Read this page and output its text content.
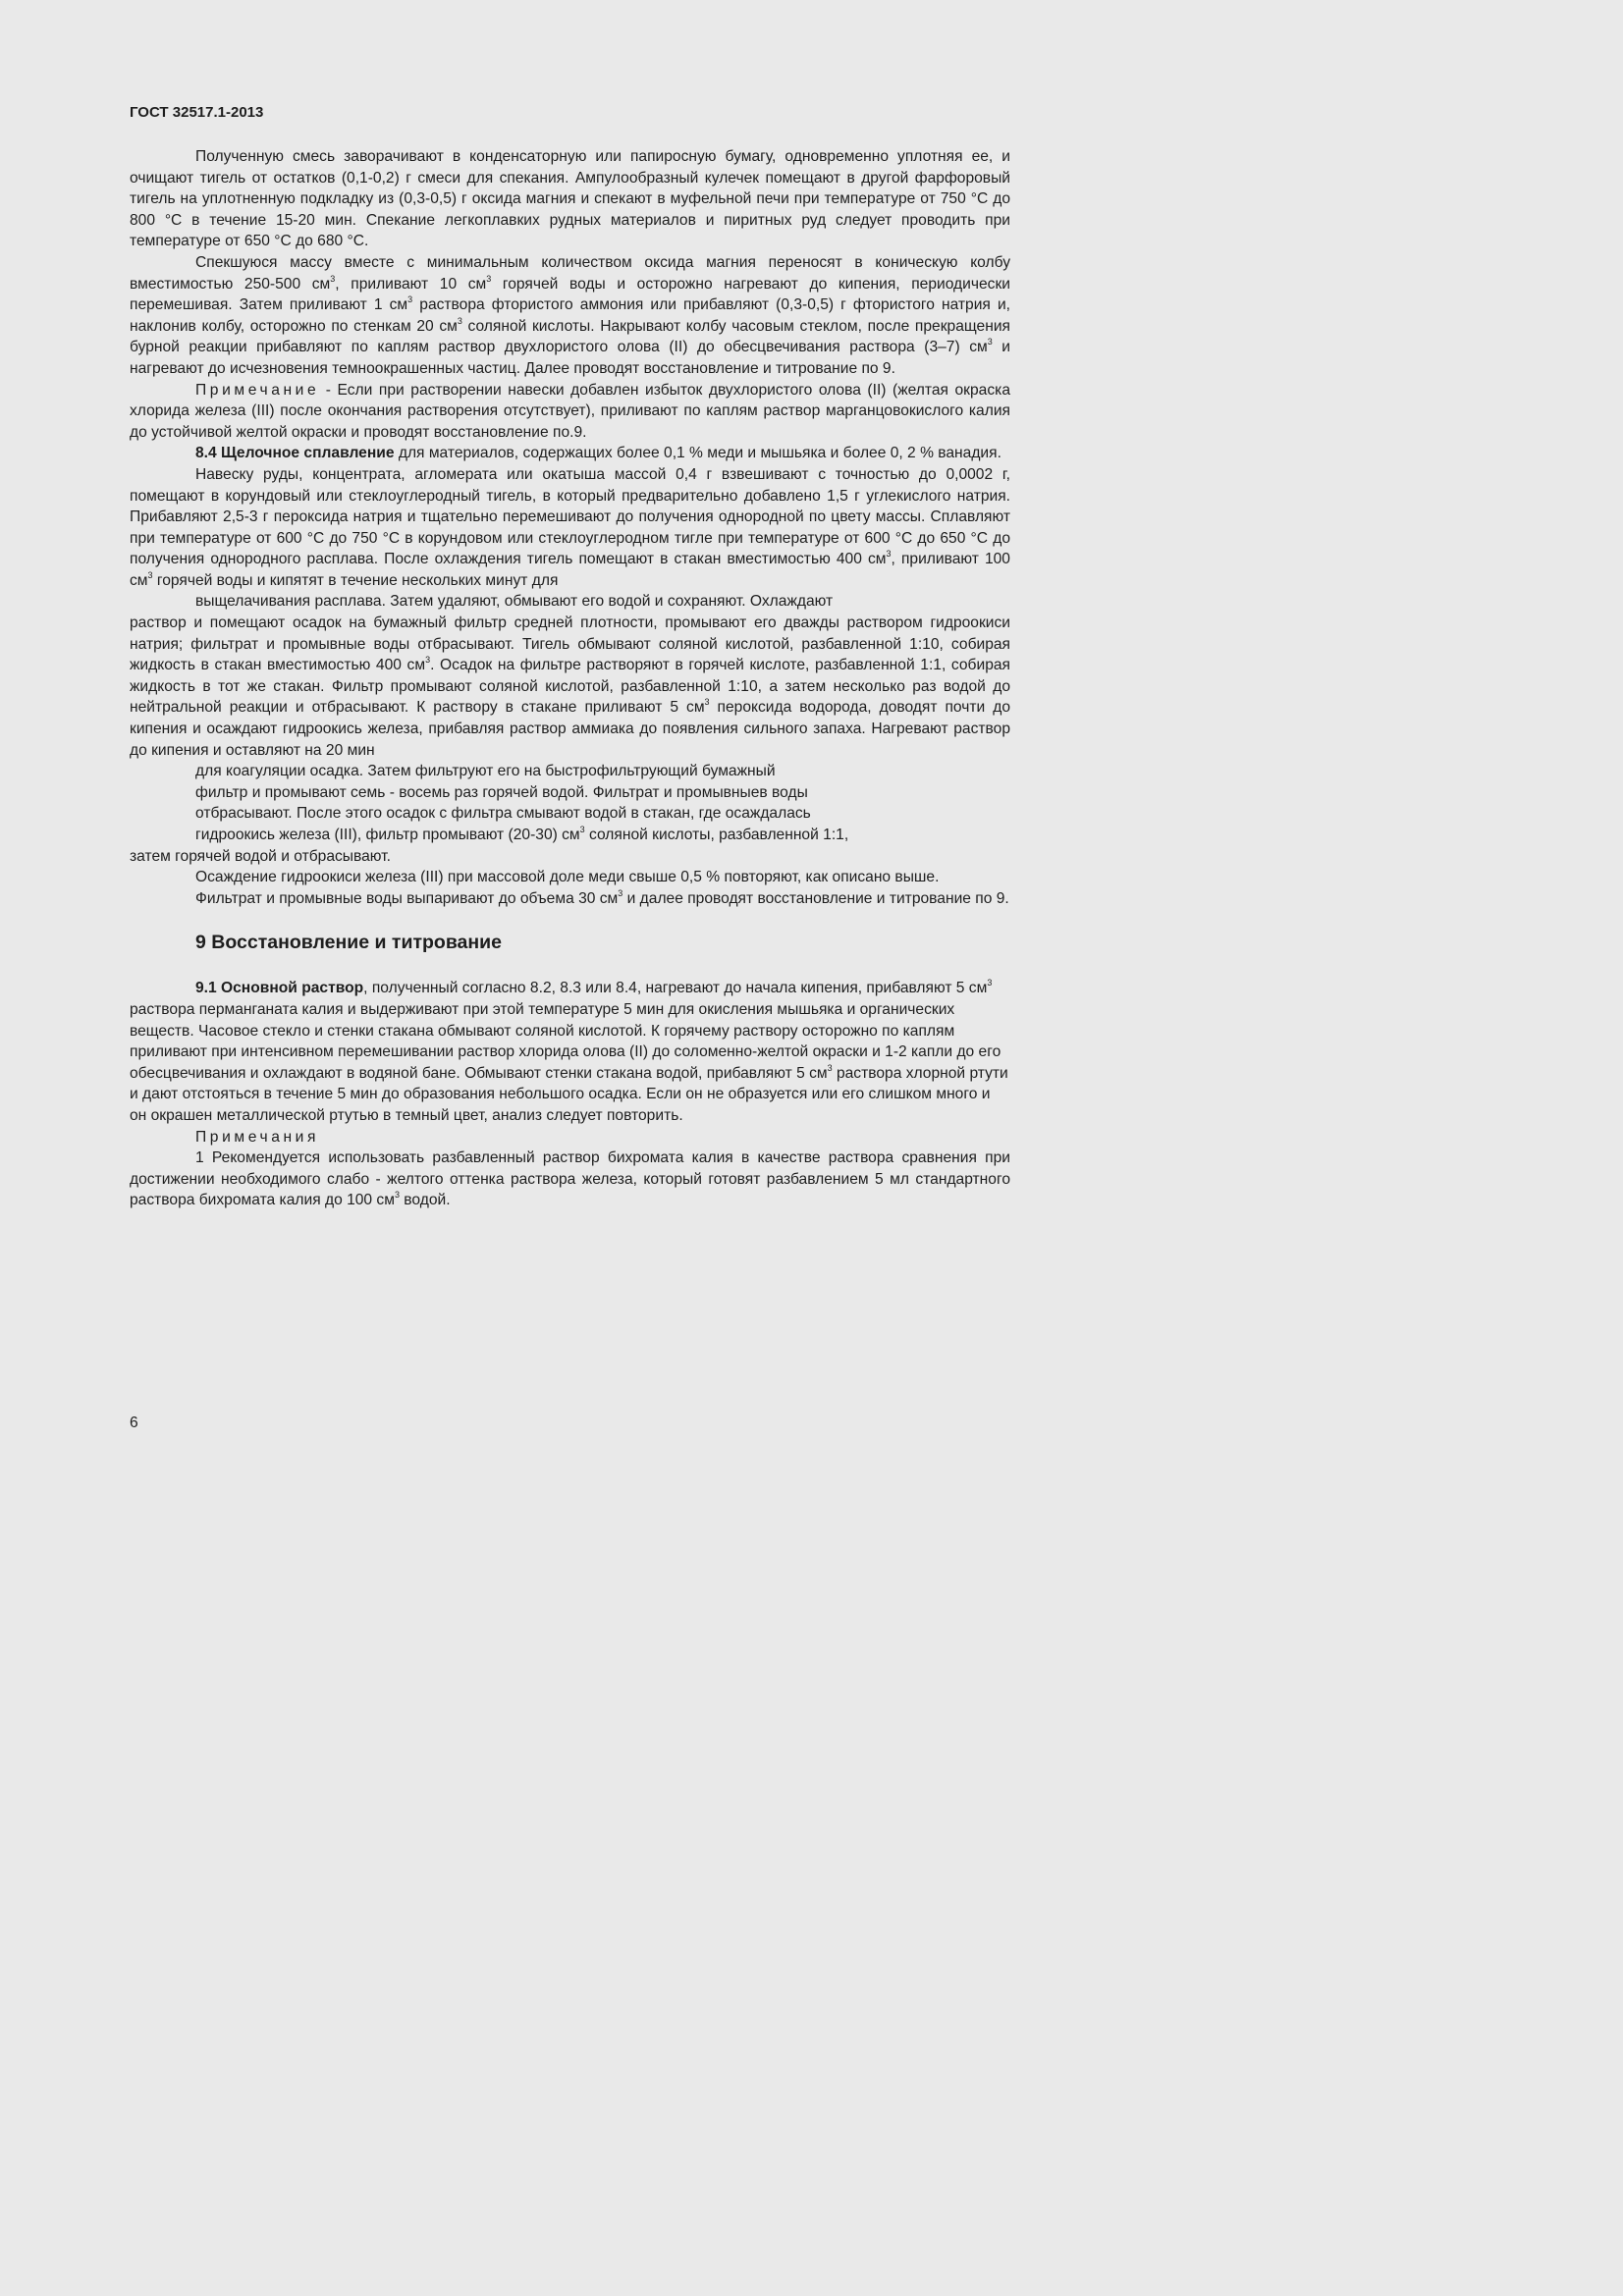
ГОСТ 32517.1-2013

Полученную смесь заворачивают в конденсаторную или папиросную бумагу, одновременно уплотняя ее, и очищают тигель от остатков (0,1-0,2) г смеси для спекания. Ампулообразный кулечек помещают в другой фарфоровый тигель на уплотненную подкладку из (0,3-0,5) г оксида магния и спекают в муфельной печи при температуре от 750 °С до 800 °С в течение 15-20 мин. Спекание легкоплавких рудных материалов и пиритных руд следует проводить при температуре от 650 °С до 680 °С.

Спекшуюся массу вместе с минимальным количеством оксида магния переносят в коническую колбу вместимостью 250-500 $см^3$, приливают 10 $см^3$ горячей воды и осторожно нагревают до кипения, периодически перемешивая. Затем приливают 1 $см^3$ раствора фтористого аммония или прибавляют (0,3-0,5) г фтористого натрия и, наклонив колбу, осторожно по стенкам 20 $см^3$ соляной кислоты. Накрывают колбу часовым стеклом, после прекращения бурной реакции прибавляют по каплям раствор двухлористого олова (II) до обесцвечивания раствора (3–7) $см^3$ и нагревают до исчезновения темноокрашенных частиц. Далее проводят восстановление и титрование по 9.

Примечание - Если при растворении навески добавлен избыток двухлористого олова (II) (желтая окраска хлорида железа (III) после окончания растворения отсутствует), приливают по каплям раствор марганцовокислого калия до устойчивой желтой окраски и проводят восстановление по.9.

8.4 Щелочное сплавление для материалов, содержащих более 0,1 % меди и мышьяка и более 0, 2 % ванадия.

Навеску руды, концентрата, агломерата или окатыша массой 0,4 г взвешивают с точностью до 0,0002 г, помещают в корундовый или стеклоуглеродный тигель, в который предварительно добавлено 1,5 г углекислого натрия. Прибавляют 2,5-3 г пероксида натрия и тщательно перемешивают до получения однородной по цвету массы. Сплавляют при температуре от 600 °С до 750 °С в корундовом или стеклоуглеродном тигле при температуре от 600 °С до 650 °С до получения однородного расплава. После охлаждения тигель помещают в стакан вместимостью 400 $см^3$, приливают 100 $см^3$ горячей воды и кипятят в течение нескольких минут для

выщелачивания расплава. Затем удаляют, обмывают его водой и сохраняют. Охлаждают
раствор и помещают осадок на бумажный фильтр средней плотности, промывают его дважды раствором гидроокиси натрия; фильтрат и промывные воды отбрасывают. Тигель обмывают соляной кислотой, разбавленной 1:10, собирая жидкость в стакан вместимостью 400 $см^3$. Осадок на фильтре растворяют в горячей кислоте, разбавленной 1:1, собирая жидкость в тот же стакан. Фильтр промывают соляной кислотой, разбавленной 1:10, а затем несколько раз водой до нейтральной реакции и отбрасывают. К раствору в стакане приливают 5 $см^3$ пероксида водорода, доводят почти до кипения и осаждают гидроокись железа, прибавляя раствор аммиака до появления сильного запаха. Нагревают раствор до кипения и оставляют на 20 мин

для коагуляции осадка. Затем фильтруют его на быстрофильтрующий бумажный

фильтр и промывают семь - восемь раз горячей водой. Фильтрат и промывныев воды

отбрасывают. После этого осадок с фильтра смывают водой в стакан, где осаждалась

гидроокись железа (III), фильтр промывают (20-30) $см^3$ соляной кислоты, разбавленной 1:1,
затем горячей водой и отбрасывают.

Осаждение гидроокиси железа (III) при массовой доле меди свыше 0,5 % повторяют, как описано выше.

Фильтрат и промывные воды выпаривают до объема 30 $см^3$ и далее проводят восстановление и титрование по 9.

9 Восстановление и титрование

9.1 Основной раствор, полученный согласно 8.2, 8.3 или 8.4, нагревают до начала кипения, прибавляют 5 $см^3$ раствора перманганата калия и выдерживают при этой температуре 5 мин для окисления мышьяка и органических веществ. Часовое стекло и стенки стакана обмывают соляной кислотой. К горячему раствору осторожно по каплям приливают при интенсивном перемешивании раствор хлорида олова (II) до соломенно-желтой окраски и 1-2 капли до его обесцвечивания и охлаждают в водяной бане. Обмывают стенки стакана водой, прибавляют 5 $см^3$ раствора хлорной ртути и дают отстояться в течение 5 мин до образования небольшого осадка. Если он не образуется или его слишком много и он окрашен металлической ртутью в темный цвет, анализ следует повторить.

Примечания

1 Рекомендуется использовать разбавленный раствор бихромата калия в качестве раствора сравнения при достижении необходимого слабо - желтого оттенка раствора железа, который готовят разбавлением 5 мл стандартного раствора бихромата калия до 100 $см^3$ водой.

6
